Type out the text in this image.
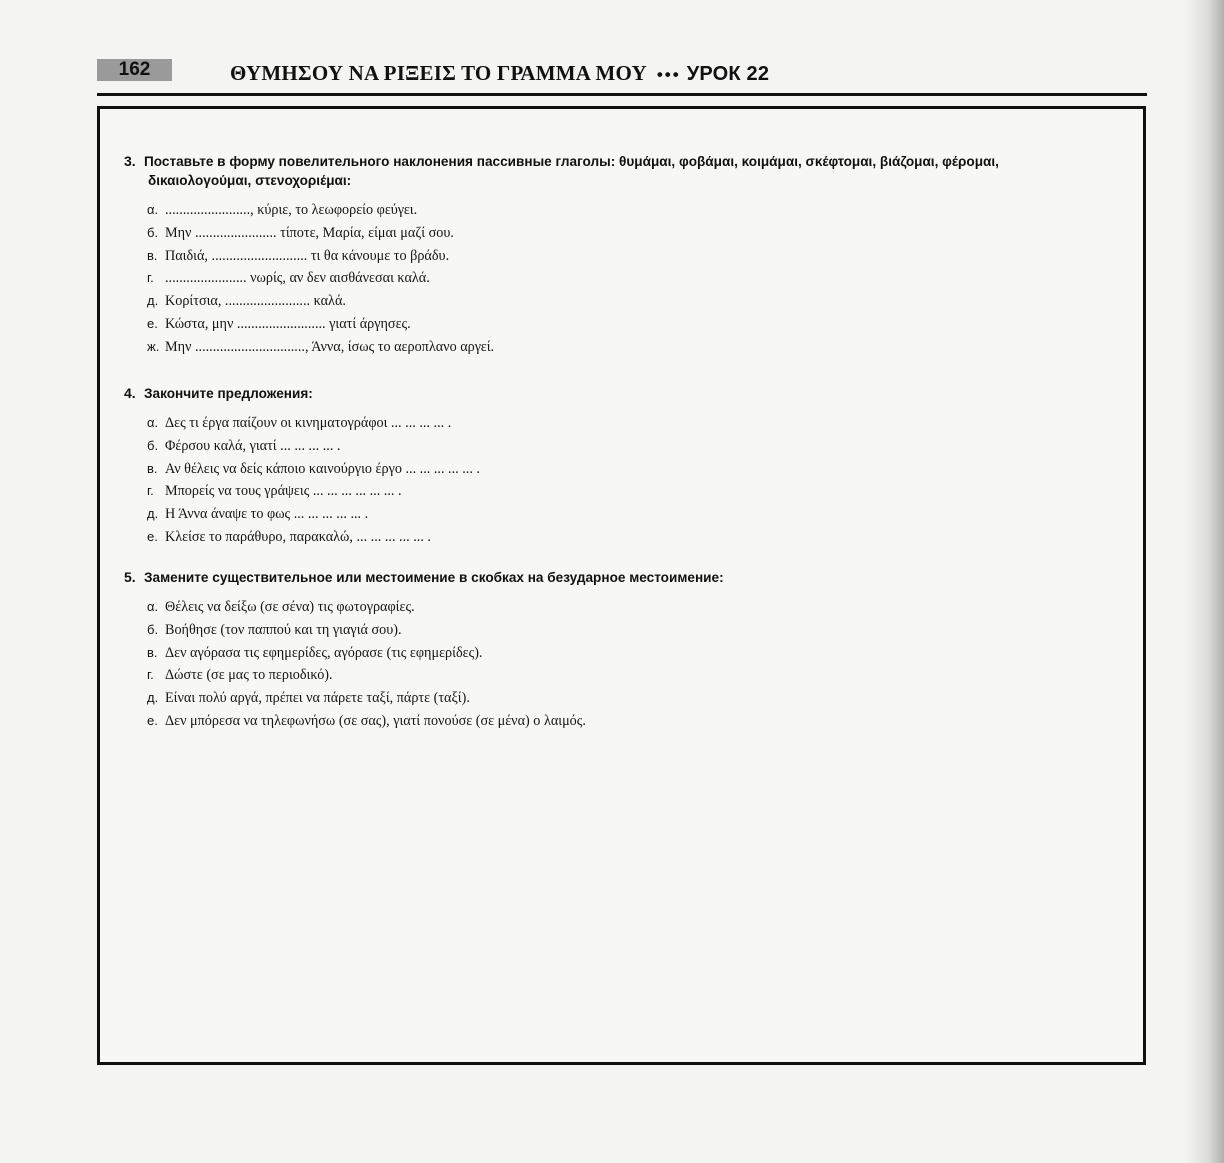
162	ΘΥΜΗΣΟΥ ΝΑ ΡΙΞΕΙΣ ΤΟ ΓΡΑΜΜΑ ΜΟΥ ••• УРОК 22

3. Поставьте в форму повелительного наклонения пассивные глаголы: θυμάμαι, φοβάμαι, κοιμάμαι, σκέφτομαι, βιάζομαι, φέρομαι,
δικαιολογούμαι, στενοχοριέμαι:

α. ........................, κύριε, το λεωφορείο φεύγει.
б. Μην ....................... τίποτε, Μαρία, είμαι μαζί σου.
в. Παιδιά, ........................... τι θα κάνουμε το βράδυ.
г. ....................... νωρίς, αν δεν αισθάνεσαι καλά.
д. Κορίτσια, ........................ καλά.
е. Κώστα, μην ......................... γιατί άργησες.
ж. Μην ..............................., Άννα, ίσως το αεροπλανο αργεί.

4. Закончите предложения:

α. Δες τι έργα παίζουν οι κινηματογράφοι ... ... ... ... .
б. Φέρσου καλά, γιατί ... ... ... ... .
в. Αν θέλεις να δείς κάποιο καινούργιο έργο ... ... ... ... ... .
г. Μπορείς να τους γράψεις ... ... ... ... ... ... .
д. Η Άννα άναψε το φως ... ... ... ... ... .
е. Κλείσε το παράθυρο, παρακαλώ, ... ... ... ... ... .

5. Замените существительное или местоимение в скобках на безударное местоимение:

α. Θέλεις να δείξω (σε σένα) τις φωτογραφίες.
б. Βοήθησε (τον παππού και τη γιαγιά σου).
в. Δεν αγόρασα τις εφημερίδες, αγόρασε (τις εφημερίδες).
г. Δώστε (σε μας το περιοδικό).
д. Είναι πολύ αργά, πρέπει να πάρετε ταξί, πάρτε (ταξί).
е. Δεν μπόρεσα να τηλεφωνήσω (σε σας), γιατί πονούσε (σε μένα) ο λαιμός.
